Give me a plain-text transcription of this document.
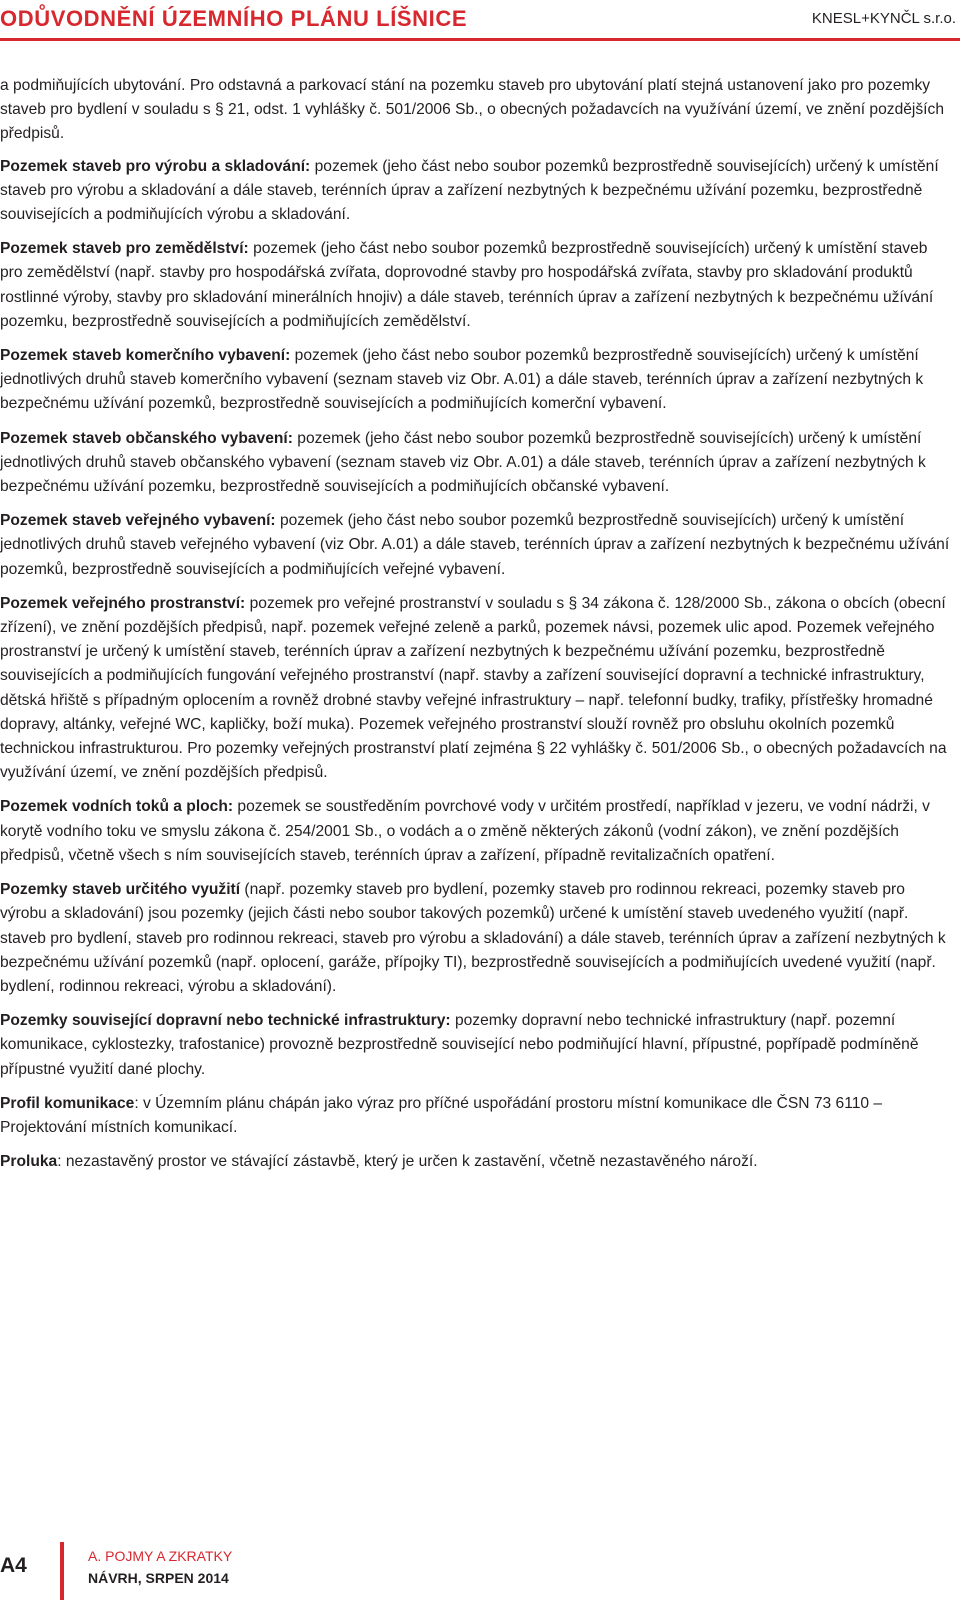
ODŮVODNĚNÍ ÚZEMNÍHO PLÁNU LÍŠNICE	KNESL+KYNČL s.r.o.

a podmiňujících ubytování. Pro odstavná a parkovací stání na pozemku staveb pro ubytování platí stejná ustanovení jako pro pozemky staveb pro bydlení v souladu s § 21, odst. 1 vyhlášky č. 501/2006 Sb., o obecných požadavcích na využívání území, ve znění pozdějších předpisů.

Pozemek staveb pro výrobu a skladování: pozemek (jeho část nebo soubor pozemků bezprostředně souvisejících) určený k umístění staveb pro výrobu a skladování a dále staveb, terénních úprav a zařízení nezbytných k bezpečnému užívání pozemku, bezprostředně souvisejících a podmiňujících výrobu a skladování.

Pozemek staveb pro zemědělství: pozemek (jeho část nebo soubor pozemků bezprostředně souvisejících) určený k umístění staveb pro zemědělství (např. stavby pro hospodářská zvířata, doprovodné stavby pro hospodářská zvířata, stavby pro skladování produktů rostlinné výroby, stavby pro skladování minerálních hnojiv) a dále staveb, terénních úprav a zařízení nezbytných k bezpečnému užívání pozemku, bezprostředně souvisejících a podmiňujících zemědělství.

Pozemek staveb komerčního vybavení: pozemek (jeho část nebo soubor pozemků bezprostředně souvisejících) určený k umístění jednotlivých druhů staveb komerčního vybavení (seznam staveb viz Obr. A.01) a dále staveb, terénních úprav a zařízení nezbytných k bezpečnému užívání pozemků, bezprostředně souvisejících a podmiňujících komerční vybavení.

Pozemek staveb občanského vybavení: pozemek (jeho část nebo soubor pozemků bezprostředně souvisejících) určený k umístění jednotlivých druhů staveb občanského vybavení (seznam staveb viz Obr. A.01) a dále staveb, terénních úprav a zařízení nezbytných k bezpečnému užívání pozemku, bezprostředně souvisejících a podmiňujících občanské vybavení.

Pozemek staveb veřejného vybavení: pozemek (jeho část nebo soubor pozemků bezprostředně souvisejících) určený k umístění jednotlivých druhů staveb veřejného vybavení (viz Obr. A.01) a dále staveb, terénních úprav a zařízení nezbytných k bezpečnému užívání pozemků, bezprostředně souvisejících a podmiňujících veřejné vybavení.

Pozemek veřejného prostranství: pozemek pro veřejné prostranství v souladu s § 34 zákona č. 128/2000 Sb., zákona o obcích (obecní zřízení), ve znění pozdějších předpisů, např. pozemek veřejné zeleně a parků, pozemek návsi, pozemek ulic apod. Pozemek veřejného prostranství je určený k umístění staveb, terénních úprav a zařízení nezbytných k bezpečnému užívání pozemku, bezprostředně souvisejících a podmiňujících fungování veřejného prostranství (např. stavby a zařízení související dopravní a technické infrastruktury, dětská hřiště s případným oplocením a rovněž drobné stavby veřejné infrastruktury – např. telefonní budky, trafiky, přístřešky hromadné dopravy, altánky, veřejné WC, kapličky, boží muka). Pozemek veřejného prostranství slouží rovněž pro obsluhu okolních pozemků technickou infrastrukturou. Pro pozemky veřejných prostranství platí zejména § 22 vyhlášky č. 501/2006 Sb., o obecných požadavcích na využívání území, ve znění pozdějších předpisů.

Pozemek vodních toků a ploch: pozemek se soustředěním povrchové vody v určitém prostředí, například v jezeru, ve vodní nádrži, v korytě vodního toku ve smyslu zákona č. 254/2001 Sb., o vodách a o změně některých zákonů (vodní zákon), ve znění pozdějších předpisů, včetně všech s ním souvisejících staveb, terénních úprav a zařízení, případně revitalizačních opatření.

Pozemky staveb určitého využití (např. pozemky staveb pro bydlení, pozemky staveb pro rodinnou rekreaci, pozemky staveb pro výrobu a skladování) jsou pozemky (jejich části nebo soubor takových pozemků) určené k umístění staveb uvedeného využití (např. staveb pro bydlení, staveb pro rodinnou rekreaci, staveb pro výrobu a skladování) a dále staveb, terénních úprav a zařízení nezbytných k bezpečnému užívání pozemků (např. oplocení, garáže, přípojky TI), bezprostředně souvisejících a podmiňujících uvedené využití (např. bydlení, rodinnou rekreaci, výrobu a skladování).

Pozemky související dopravní nebo technické infrastruktury: pozemky dopravní nebo technické infrastruktury (např. pozemní komunikace, cyklostezky, trafostanice) provozně bezprostředně související nebo podmiňující hlavní, přípustné, popřípadě podmíněně přípustné využití dané plochy.

Profil komunikace: v Územním plánu chápán jako výraz pro příčné uspořádání prostoru místní komunikace dle ČSN 73 6110 – Projektování místních komunikací.

Proluka: nezastavěný prostor ve stávající zástavbě, který je určen k zastavění, včetně nezastavěného nároží.

A4	A. POJMY A ZKRATKY
NÁVRH, SRPEN 2014
